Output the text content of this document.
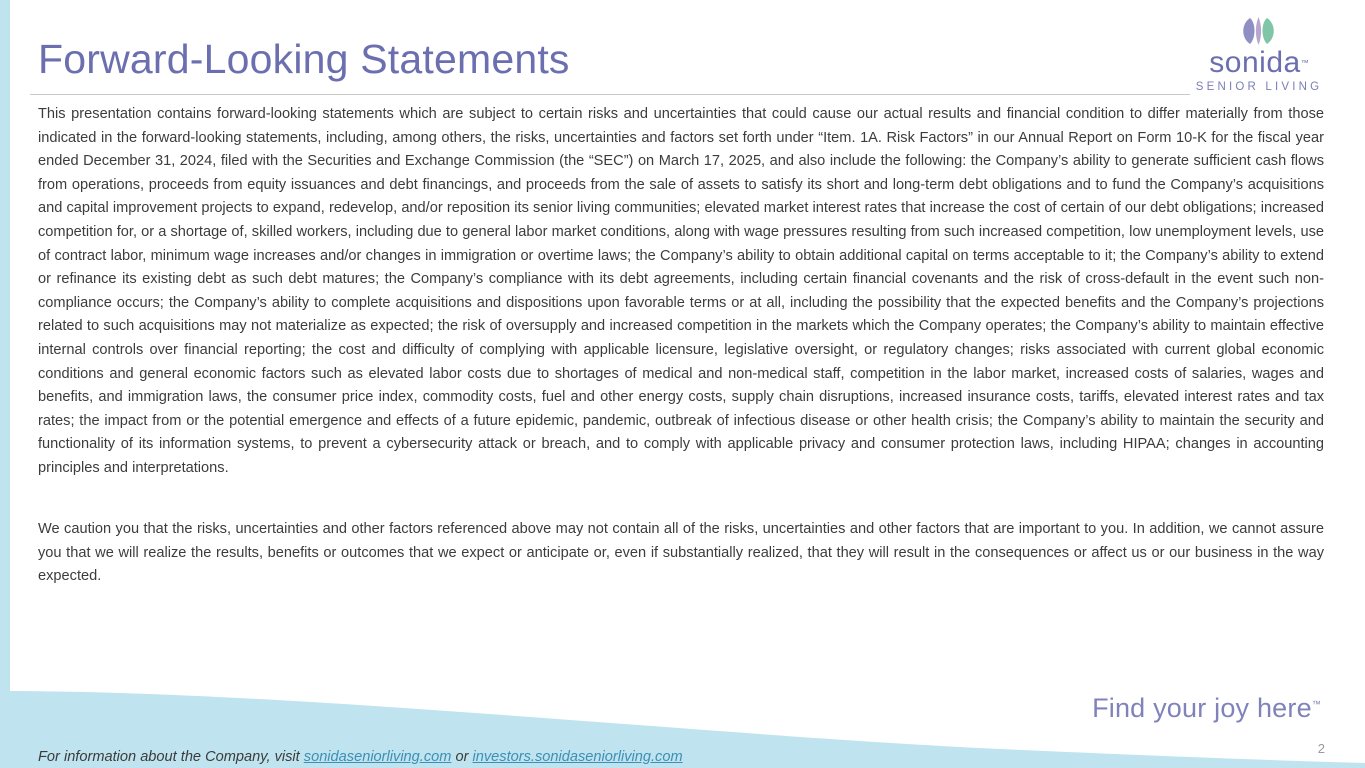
Forward-Looking Statements	sonida™
SENIOR LIVING
This presentation contains forward-looking statements which are subject to certain risks and uncertainties that could cause our actual results and financial condition to differ materially from those indicated in the forward-looking statements, including, among others, the risks, uncertainties and factors set forth under “Item. 1A. Risk Factors” in our Annual Report on Form 10-K for the fiscal year ended December 31, 2024, filed with the Securities and Exchange Commission (the “SEC”) on March 17, 2025, and also include the following: the Company’s ability to generate sufficient cash flows from operations, proceeds from equity issuances and debt financings, and proceeds from the sale of assets to satisfy its short and long-term debt obligations and to fund the Company’s acquisitions and capital improvement projects to expand, redevelop, and/or reposition its senior living communities; elevated market interest rates that increase the cost of certain of our debt obligations; increased competition for, or a shortage of, skilled workers, including due to general labor market conditions, along with wage pressures resulting from such increased competition, low unemployment levels, use of contract labor, minimum wage increases and/or changes in immigration or overtime laws; the Company’s ability to obtain additional capital on terms acceptable to it; the Company’s ability to extend or refinance its existing debt as such debt matures; the Company’s compliance with its debt agreements, including certain financial covenants and the risk of cross-default in the event such non-compliance occurs; the Company’s ability to complete acquisitions and dispositions upon favorable terms or at all, including the possibility that the expected benefits and the Company’s projections related to such acquisitions may not materialize as expected; the risk of oversupply and increased competition in the markets which the Company operates; the Company’s ability to maintain effective internal controls over financial reporting; the cost and difficulty of complying with applicable licensure, legislative oversight, or regulatory changes; risks associated with current global economic conditions and general economic factors such as elevated labor costs due to shortages of medical and non-medical staff, competition in the labor market, increased costs of salaries, wages and benefits, and immigration laws, the consumer price index, commodity costs, fuel and other energy costs, supply chain disruptions, increased insurance costs, tariffs, elevated interest rates and tax rates; the impact from or the potential emergence and effects of a future epidemic, pandemic, outbreak of infectious disease or other health crisis; the Company’s ability to maintain the security and functionality of its information systems, to prevent a cybersecurity attack or breach, and to comply with applicable privacy and consumer protection laws, including HIPAA; changes in accounting principles and interpretations.
We caution you that the risks, uncertainties and other factors referenced above may not contain all of the risks, uncertainties and other factors that are important to you. In addition, we cannot assure you that we will realize the results, benefits or outcomes that we expect or anticipate or, even if substantially realized, that they will result in the consequences or affect us or our business in the way expected.
Find your joy here™
For information about the Company, visit sonidaseniorliving.com or investors.sonidaseniorliving.com
2
